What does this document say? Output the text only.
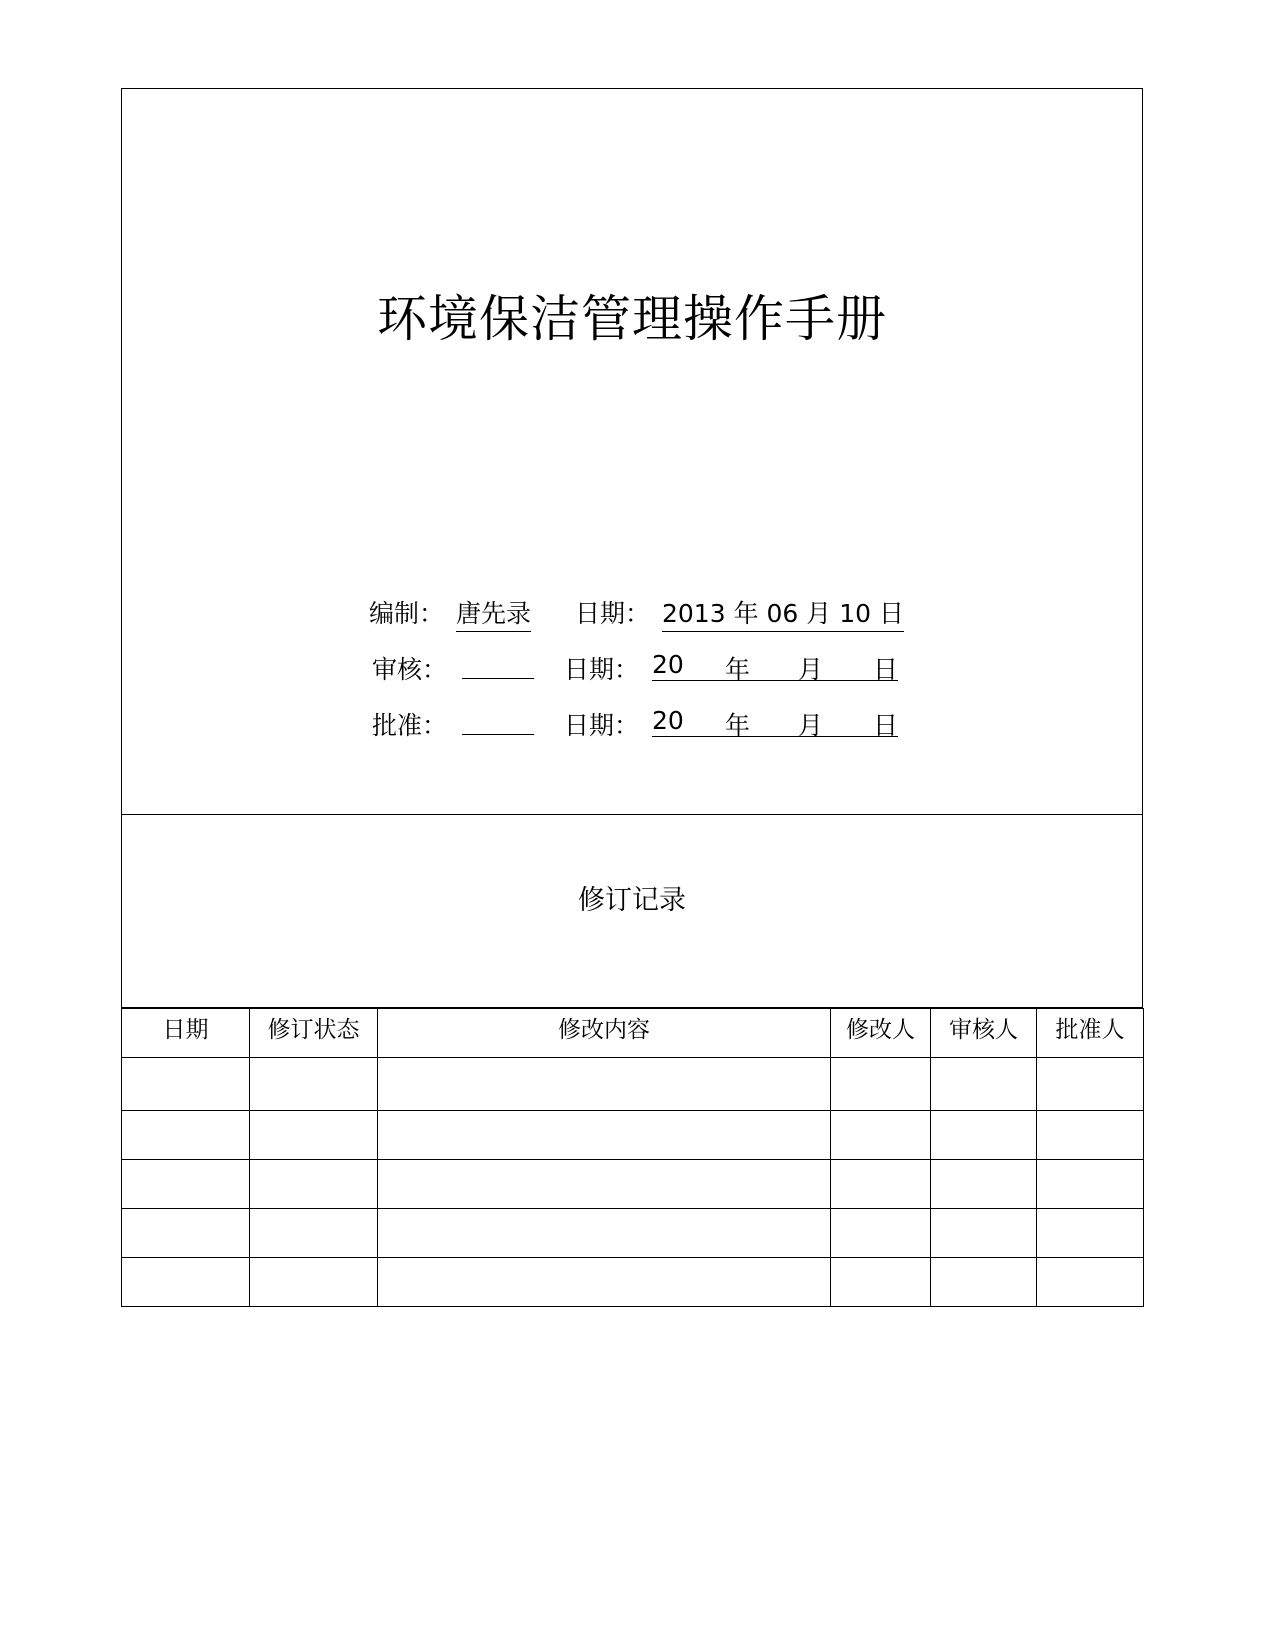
环境保洁管理操作手册
编制： 唐先录 日期： 2013 年 06 月 10 日
审核：	日期： 20 年 月 日
批准：	日期： 20 年 月 日
修订记录
日期	修订状态	修改内容	修改人	审核人	批准人
